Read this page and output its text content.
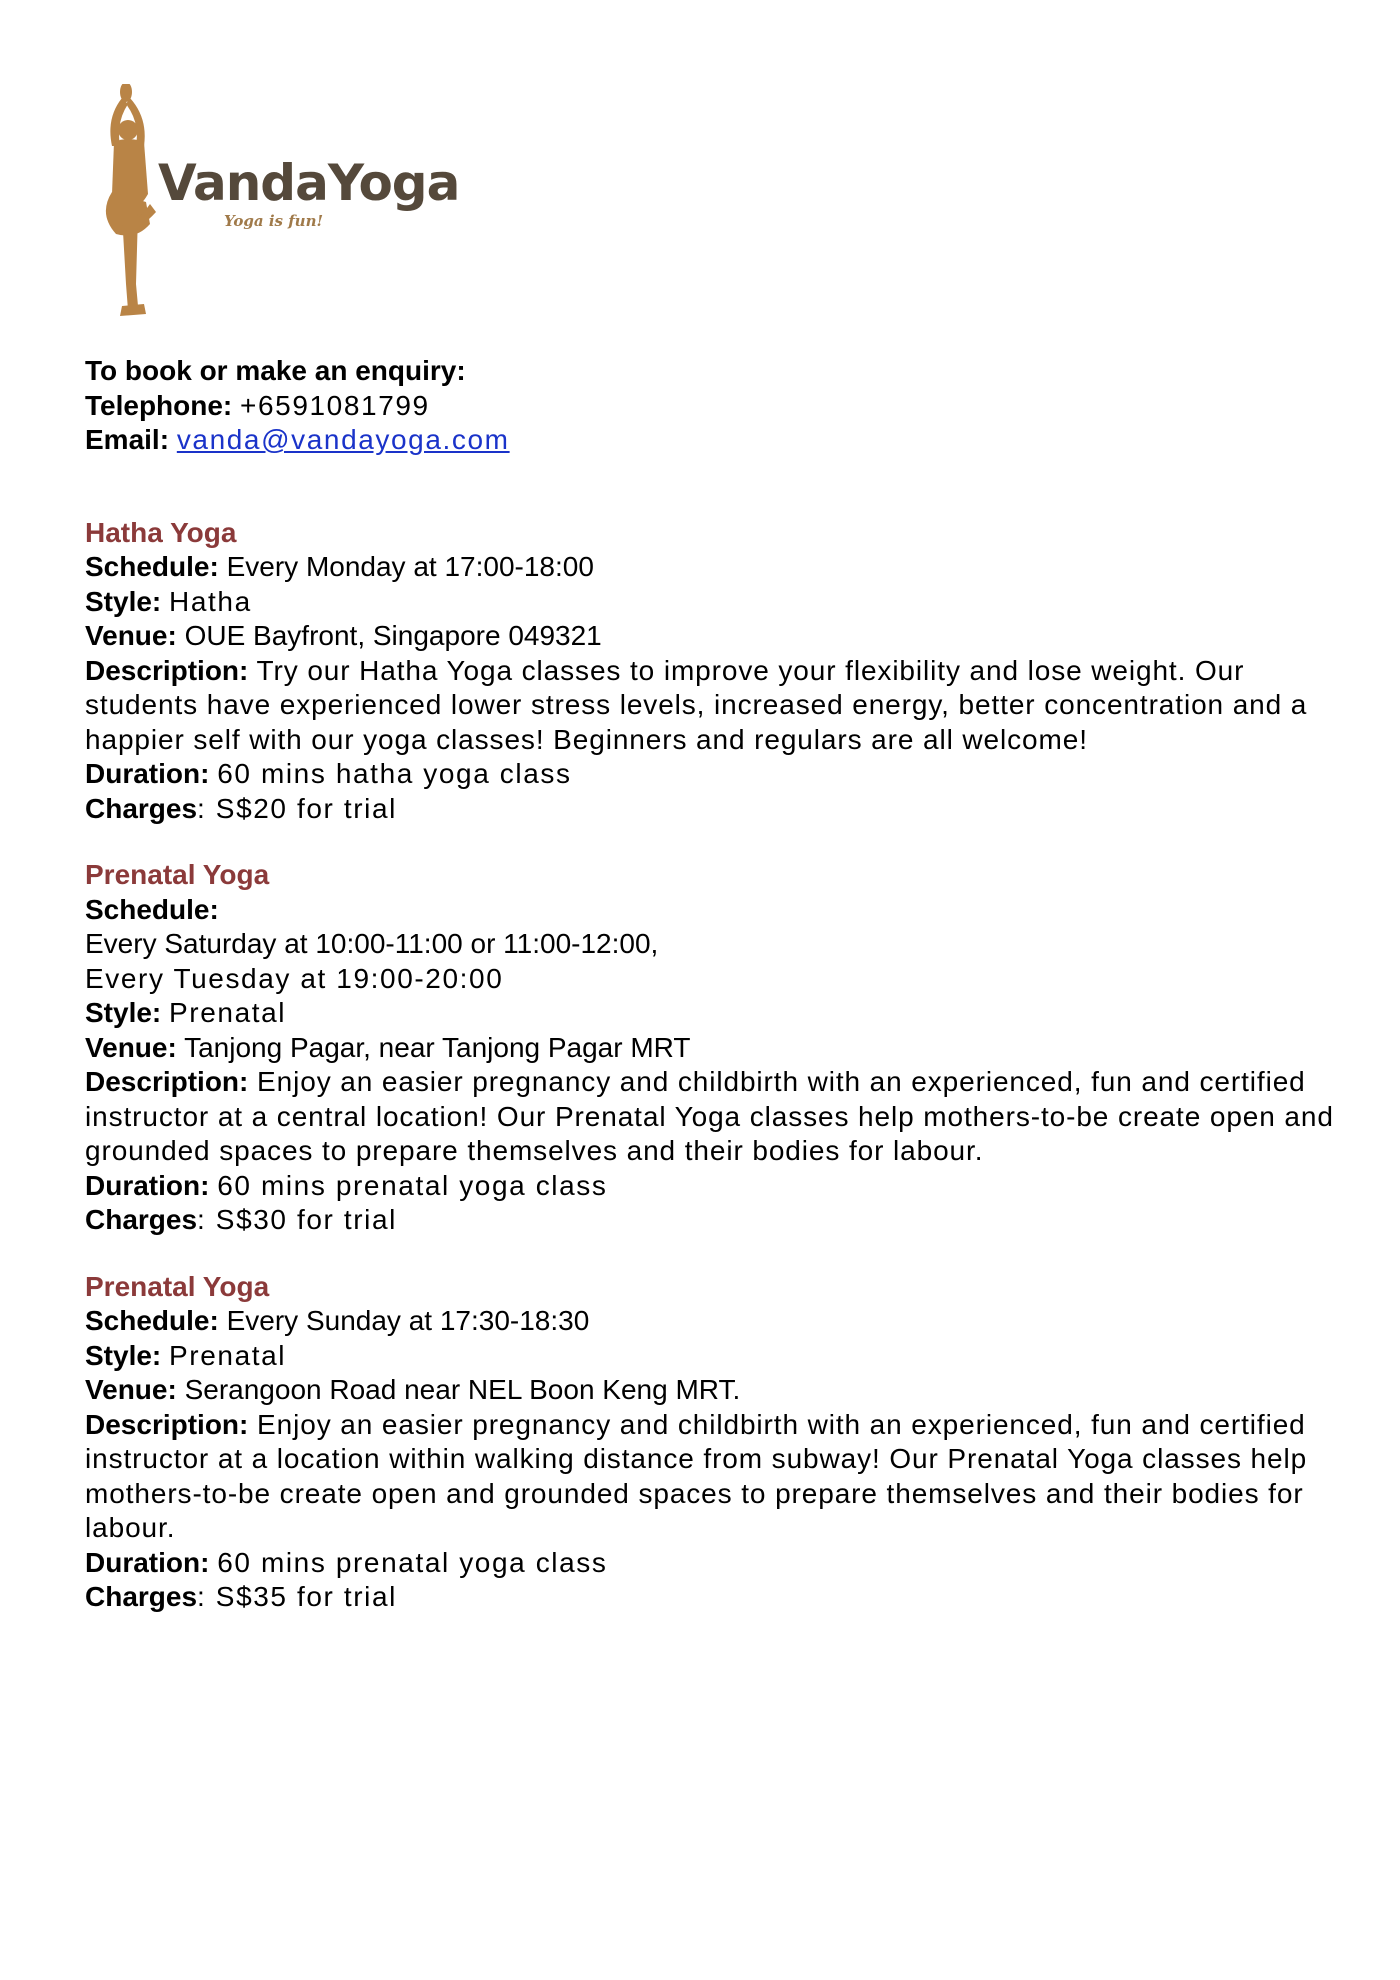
VandaYoga
Yoga is fun!
To book or make an enquiry:
Telephone: +6591081799
Email: vanda@vandayoga.com
Hatha Yoga
Schedule: Every Monday at 17:00-18:00
Style: Hatha
Venue: OUE Bayfront, Singapore 049321
Description: Try our Hatha Yoga classes to improve your flexibility and lose weight. Our students have experienced lower stress levels, increased energy, better concentration and a happier self with our yoga classes! Beginners and regulars are all welcome!
Duration: 60 mins hatha yoga class
Charges: S$20 for trial
Prenatal Yoga
Schedule:
Every Saturday at 10:00-11:00 or 11:00-12:00,
Every Tuesday at 19:00-20:00
Style: Prenatal
Venue: Tanjong Pagar, near Tanjong Pagar MRT
Description: Enjoy an easier pregnancy and childbirth with an experienced, fun and certified instructor at a central location! Our Prenatal Yoga classes help mothers-to-be create open and grounded spaces to prepare themselves and their bodies for labour.
Duration: 60 mins prenatal yoga class
Charges: S$30 for trial
Prenatal Yoga
Schedule: Every Sunday at 17:30-18:30
Style: Prenatal
Venue: Serangoon Road near NEL Boon Keng MRT.
Description: Enjoy an easier pregnancy and childbirth with an experienced, fun and certified instructor at a location within walking distance from subway! Our Prenatal Yoga classes help mothers-to-be create open and grounded spaces to prepare themselves and their bodies for labour.
Duration: 60 mins prenatal yoga class
Charges: S$35 for trial
